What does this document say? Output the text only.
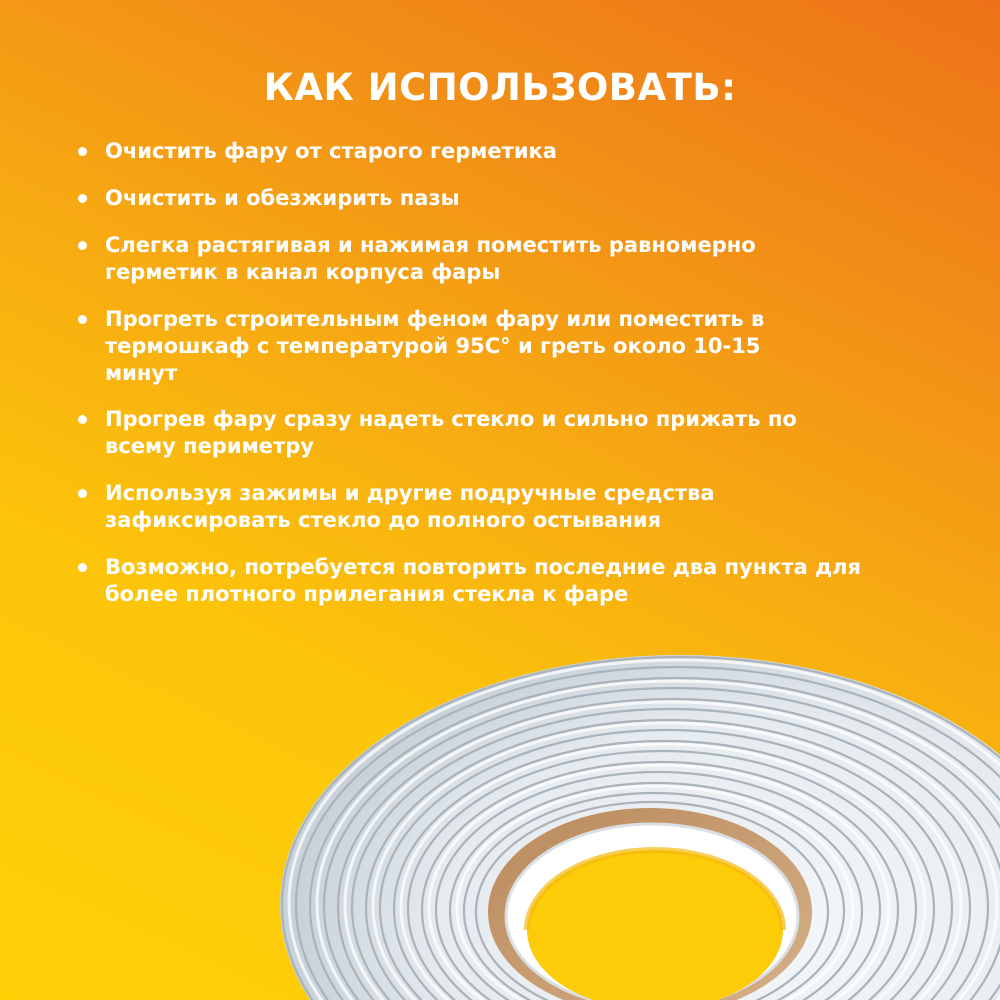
КАК ИСПОЛЬЗОВАТЬ:
Очистить фару от старого герметика
Очистить и обезжирить пазы
Слегка растягивая и нажимая поместить равномерно герметик в канал корпуса фары
Прогреть строительным феном фару или поместить в термошкаф с температурой 95С° и греть около 10-15 минут
Прогрев фару сразу надеть стекло и сильно прижать по всему периметру
Используя зажимы и другие подручные средства зафиксировать стекло до полного остывания
Возможно, потребуется повторить последние два пункта для более плотного прилегания стекла к фаре
